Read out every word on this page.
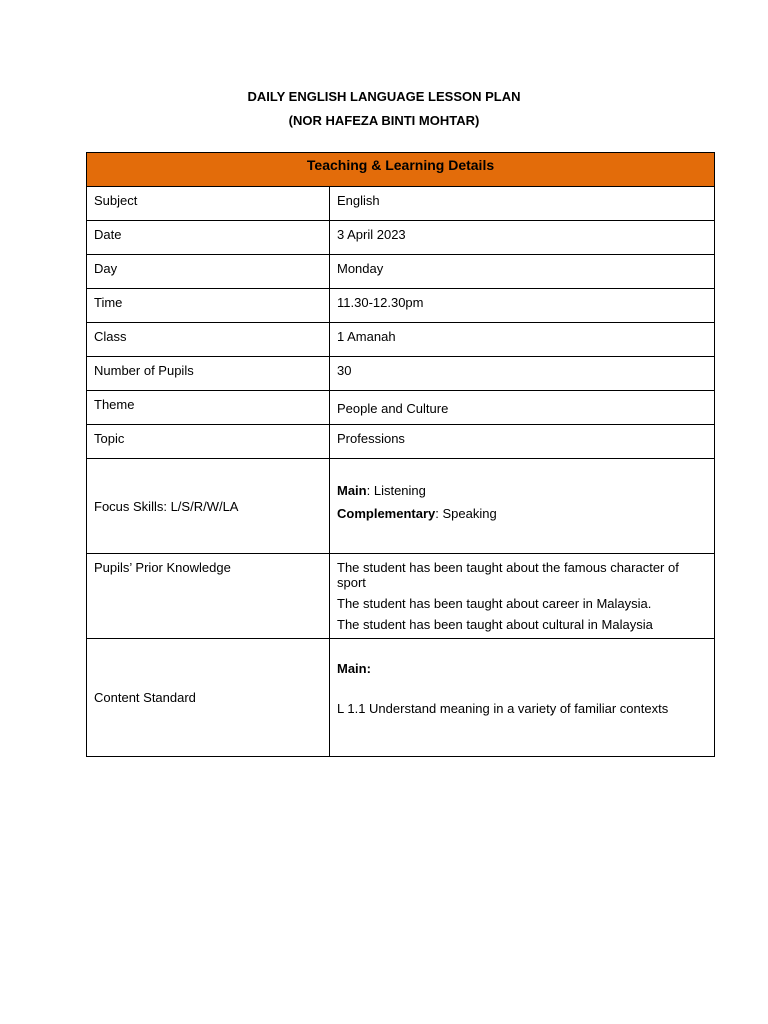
DAILY ENGLISH LANGUAGE LESSON PLAN
(NOR HAFEZA BINTI MOHTAR)
Teaching & Learning Details	
Subject	English
Date	3 April 2023
Day	Monday
Time	11.30-12.30pm
Class	1 Amanah
Number of Pupils	30
Theme	People and Culture
Topic	Professions
Focus Skills: L/S/R/W/LA	Main: Listening
Complementary: Speaking

Pupils’ Prior Knowledge	The student has been taught about the famous character of sport

The student has been taught about career in Malaysia.

The student has been taught about cultural in Malaysia

Content Standard	Main:
L 1.1 Understand meaning in a variety of familiar contexts
